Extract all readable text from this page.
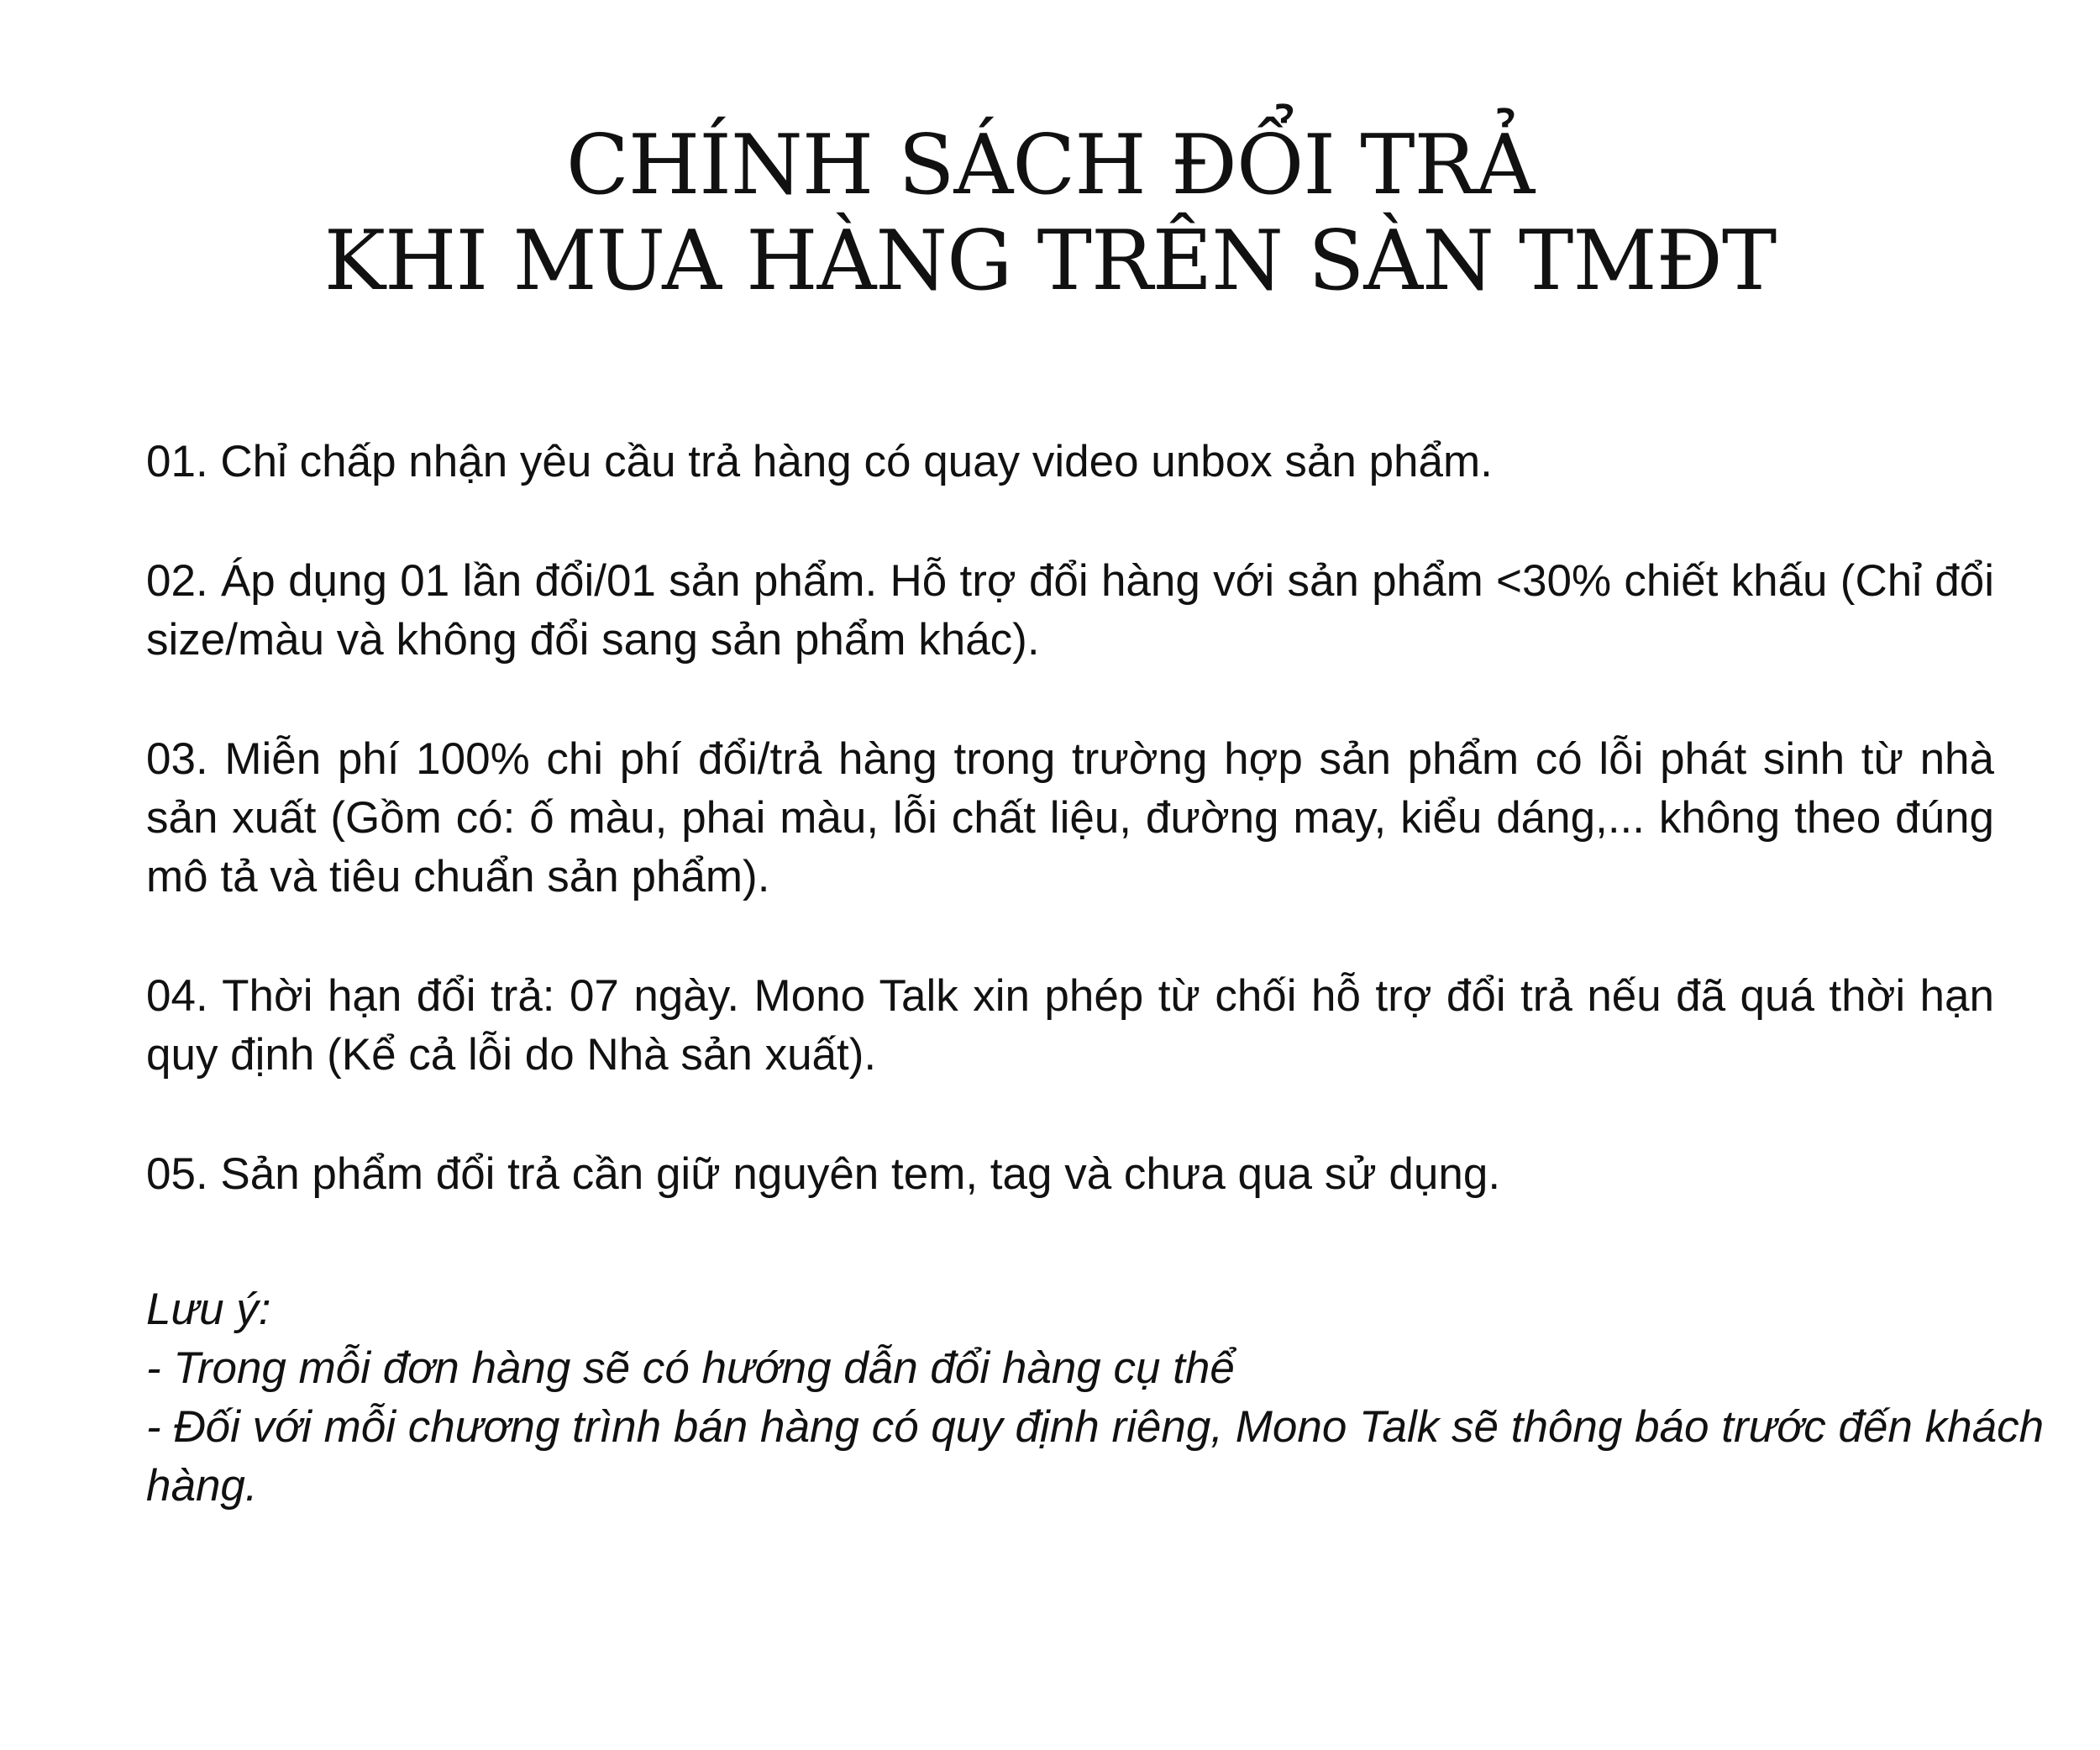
CHÍNH SÁCH ĐỔI TRẢ
KHI MUA HÀNG TRÊN SÀN TMĐT

01. Chỉ chấp nhận yêu cầu trả hàng có quay video unbox sản phẩm.

02. Áp dụng 01 lần đổi/01 sản phẩm. Hỗ trợ đổi hàng với sản phẩm <30% chiết khấu (Chỉ đổi size/màu và không đổi sang sản phẩm khác).

03. Miễn phí 100% chi phí đổi/trả hàng trong trường hợp sản phẩm có lỗi phát sinh từ nhà sản xuất (Gồm có: ố màu, phai màu, lỗi chất liệu, đường may, kiểu dáng,... không theo đúng mô tả và tiêu chuẩn sản phẩm).

04. Thời hạn đổi trả: 07 ngày. Mono Talk xin phép từ chối hỗ trợ đổi trả nếu đã quá thời hạn quy định (Kể cả lỗi do Nhà sản xuất).

05. Sản phẩm đổi trả cần giữ nguyên tem, tag và chưa qua sử dụng.

Lưu ý:
- Trong mỗi đơn hàng sẽ có hướng dẫn đổi hàng cụ thể
- Đối với mỗi chương trình bán hàng có quy định riêng, Mono Talk sẽ thông báo trước đến khách hàng.
